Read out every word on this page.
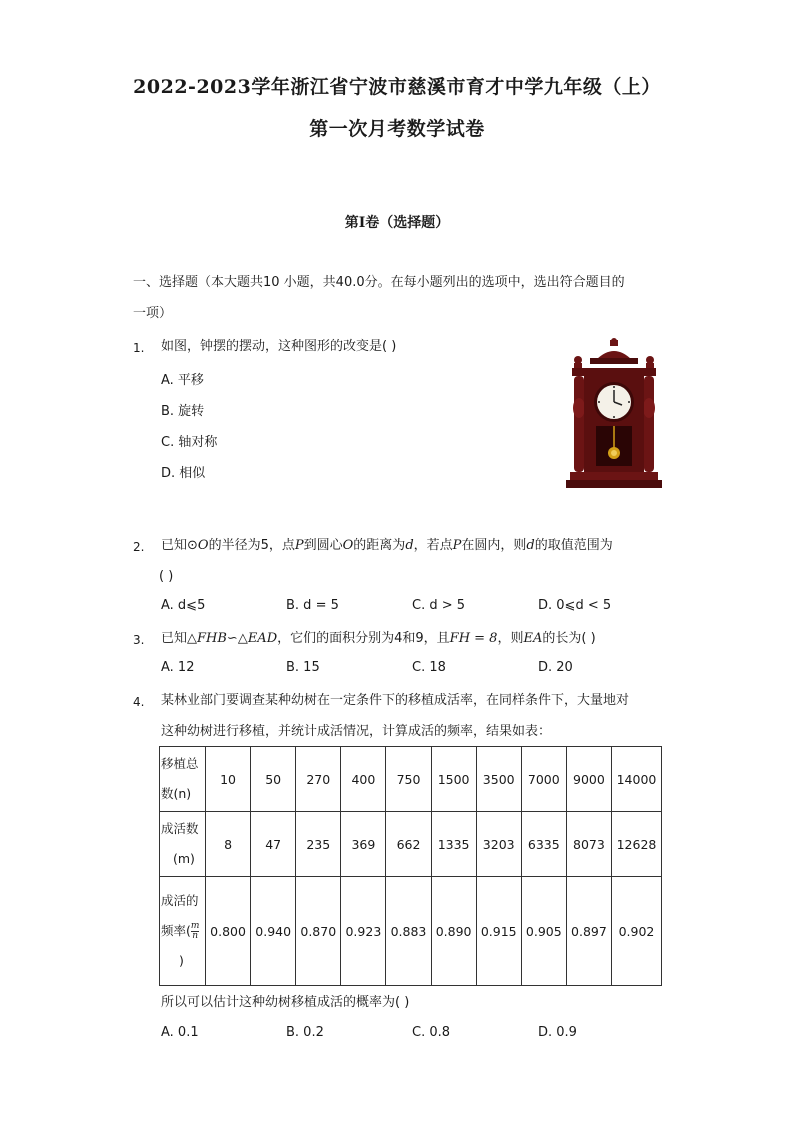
2022-2023学年浙江省宁波市慈溪市育才中学九年级（上）
第一次月考数学试卷
第Ⅰ卷（选择题）
一、选择题（本大题共10 小题，共40.0分。在每小题列出的选项中，选出符合题目的
一项）
1. 如图，钟摆的摆动，这种图形的改变是( )
A. 平移
B. 旋转
C. 轴对称
D. 相似
2. 已知⊙O的半径为5，点P到圆心O的距离为d，若点P在圆内，则d的取值范围为
( )
A. d⩽5	B. d = 5	C. d > 5	D. 0⩽d < 5
3. 已知△FHB∽△EAD，它们的面积分别为4和9，且FH = 8，则EA的长为( )
A. 12	B. 15	C. 18	D. 20
4. 某林业部门要调查某种幼树在一定条件下的移植成活率，在同样条件下，大量地对
这种幼树进行移植，并统计成活情况，计算成活的频率，结果如表：
移植总
数(n)	10	50	270	400	750	1500	3500	7000	9000	14000
成活数
(m)	8	47	235	369	662	1335	3203	6335	8073	12628
成活的
频率( $\frac{m}{n}$

)	0.800	0.940	0.870	0.923	0.883	0.890	0.915	0.905	0.897	0.902
所以可以估计这种幼树移植成活的概率为( )
A. 0.1	B. 0.2	C. 0.8	D. 0.9
